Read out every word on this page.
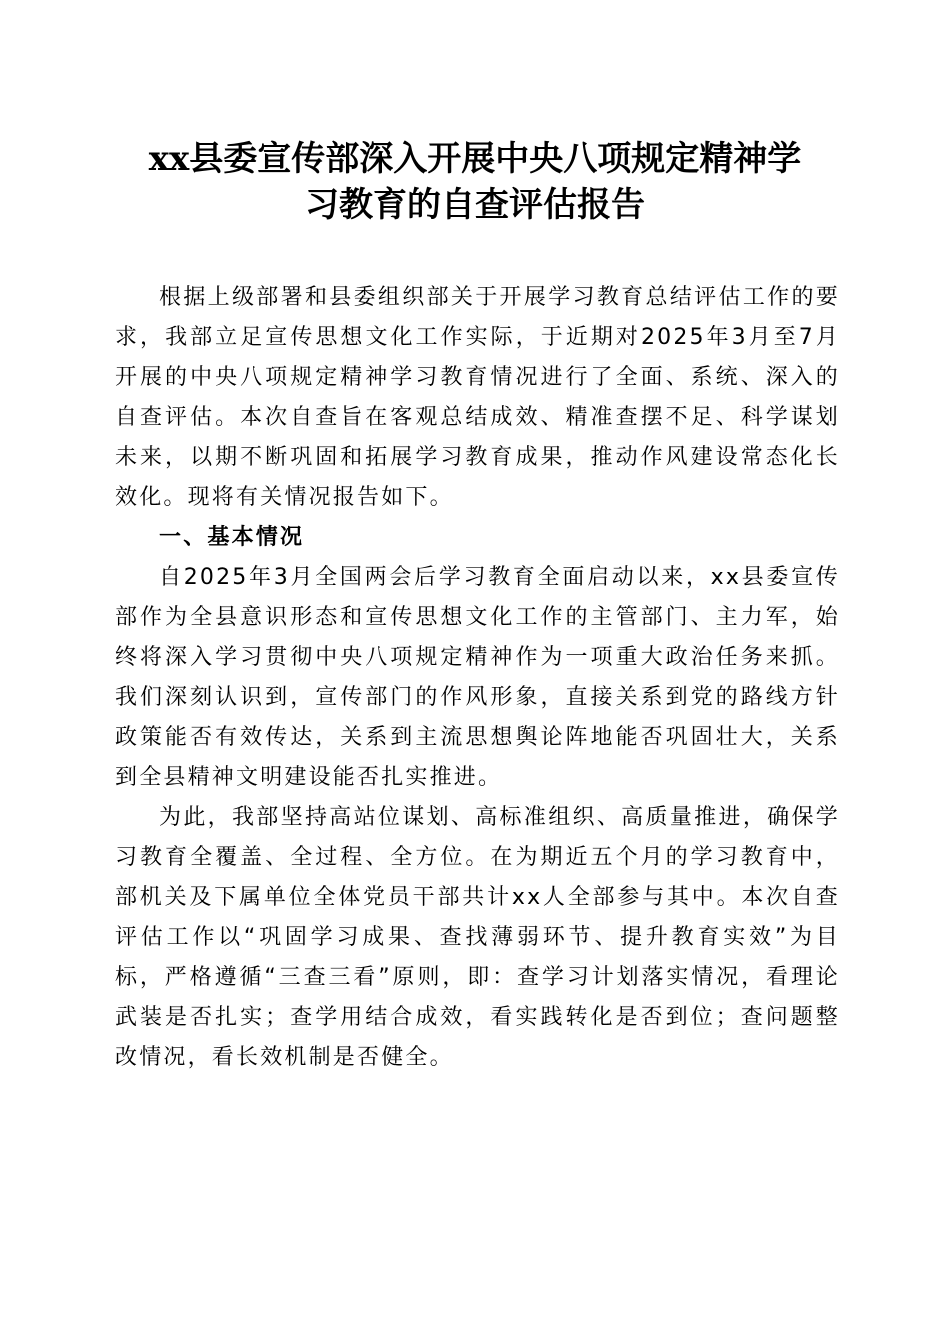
xx县委宣传部深入开展中央八项规定精神学
习教育的自查评估报告

根据上级部署和县委组织部关于开展学习教育总结评估工作的要求，我部立足宣传思想文化工作实际，于近期对2025年3月至7月开展的中央八项规定精神学习教育情况进行了全面、系统、深入的自查评估。本次自查旨在客观总结成效、精准查摆不足、科学谋划未来，以期不断巩固和拓展学习教育成果，推动作风建设常态化长效化。现将有关情况报告如下。

一、基本情况

自2025年3月全国两会后学习教育全面启动以来，xx县委宣传部作为全县意识形态和宣传思想文化工作的主管部门、主力军，始终将深入学习贯彻中央八项规定精神作为一项重大政治任务来抓。我们深刻认识到，宣传部门的作风形象，直接关系到党的路线方针政策能否有效传达，关系到主流思想舆论阵地能否巩固壮大，关系到全县精神文明建设能否扎实推进。

为此，我部坚持高站位谋划、高标准组织、高质量推进，确保学习教育全覆盖、全过程、全方位。在为期近五个月的学习教育中，部机关及下属单位全体党员干部共计xx人全部参与其中。本次自查评估工作以“巩固学习成果、查找薄弱环节、提升教育实效”为目标，严格遵循“三查三看”原则，即：查学习计划落实情况，看理论武装是否扎实；查学用结合成效，看实践转化是否到位；查问题整改情况，看长效机制是否健全。
